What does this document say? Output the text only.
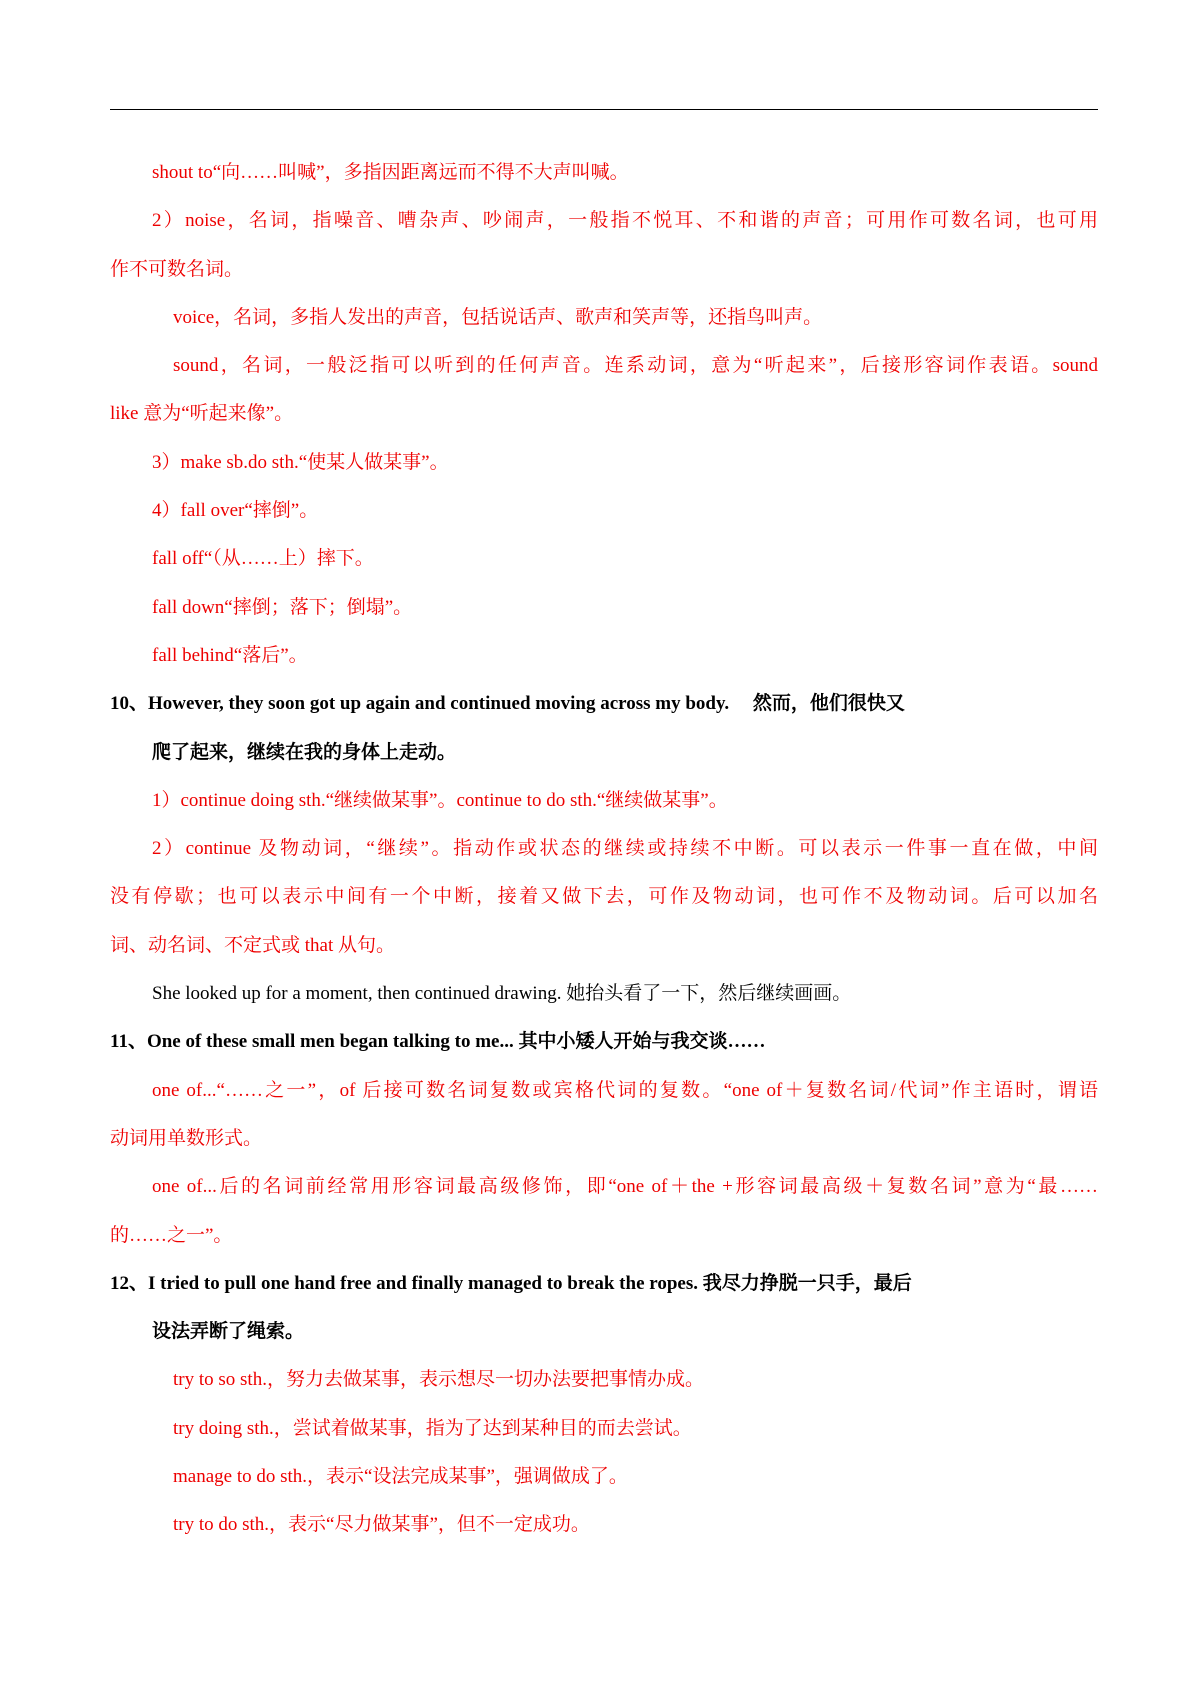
shout to“向……叫喊”，多指因距离远而不得不大声叫喊。

2）noise，名词，指噪音、嘈杂声、吵闹声，一般指不悦耳、不和谐的声音；可用作可数名词，也可用

作不可数名词。

voice，名词，多指人发出的声音，包括说话声、歌声和笑声等，还指鸟叫声。

sound，名词，一般泛指可以听到的任何声音。连系动词，意为“听起来”，后接形容词作表语。sound

like 意为“听起来像”。

3）make sb.do sth.“使某人做某事”。

4）fall over“摔倒”。

fall off“（从……上）摔下。

fall down“摔倒；落下；倒塌”。

fall behind“落后”。

10、However, they soon got up again and continued moving across my body.　 然而，他们很快又

爬了起来，继续在我的身体上走动。

1）continue doing sth.“继续做某事”。continue to do sth.“继续做某事”。

2）continue 及物动词，“继续”。指动作或状态的继续或持续不中断。可以表示一件事一直在做，中间

没有停歇；也可以表示中间有一个中断，接着又做下去，可作及物动词，也可作不及物动词。后可以加名

词、动名词、不定式或 that 从句。

She looked up for a moment, then continued drawing. 她抬头看了一下，然后继续画画。

11、One of these small men began talking to me... 其中小矮人开始与我交谈……

one of...“……之一”，of 后接可数名词复数或宾格代词的复数。“one of＋复数名词/代词”作主语时，谓语

动词用单数形式。

one of...后的名词前经常用形容词最高级修饰，即“one of＋the +形容词最高级＋复数名词”意为“最……

的……之一”。

12、I tried to pull one hand free and finally managed to break the ropes. 我尽力挣脱一只手，最后

设法弄断了绳索。

try to so sth.，努力去做某事，表示想尽一切办法要把事情办成。

try doing sth.，尝试着做某事，指为了达到某种目的而去尝试。

manage to do sth.，表示“设法完成某事”，强调做成了。

try to do sth.，表示“尽力做某事”，但不一定成功。
